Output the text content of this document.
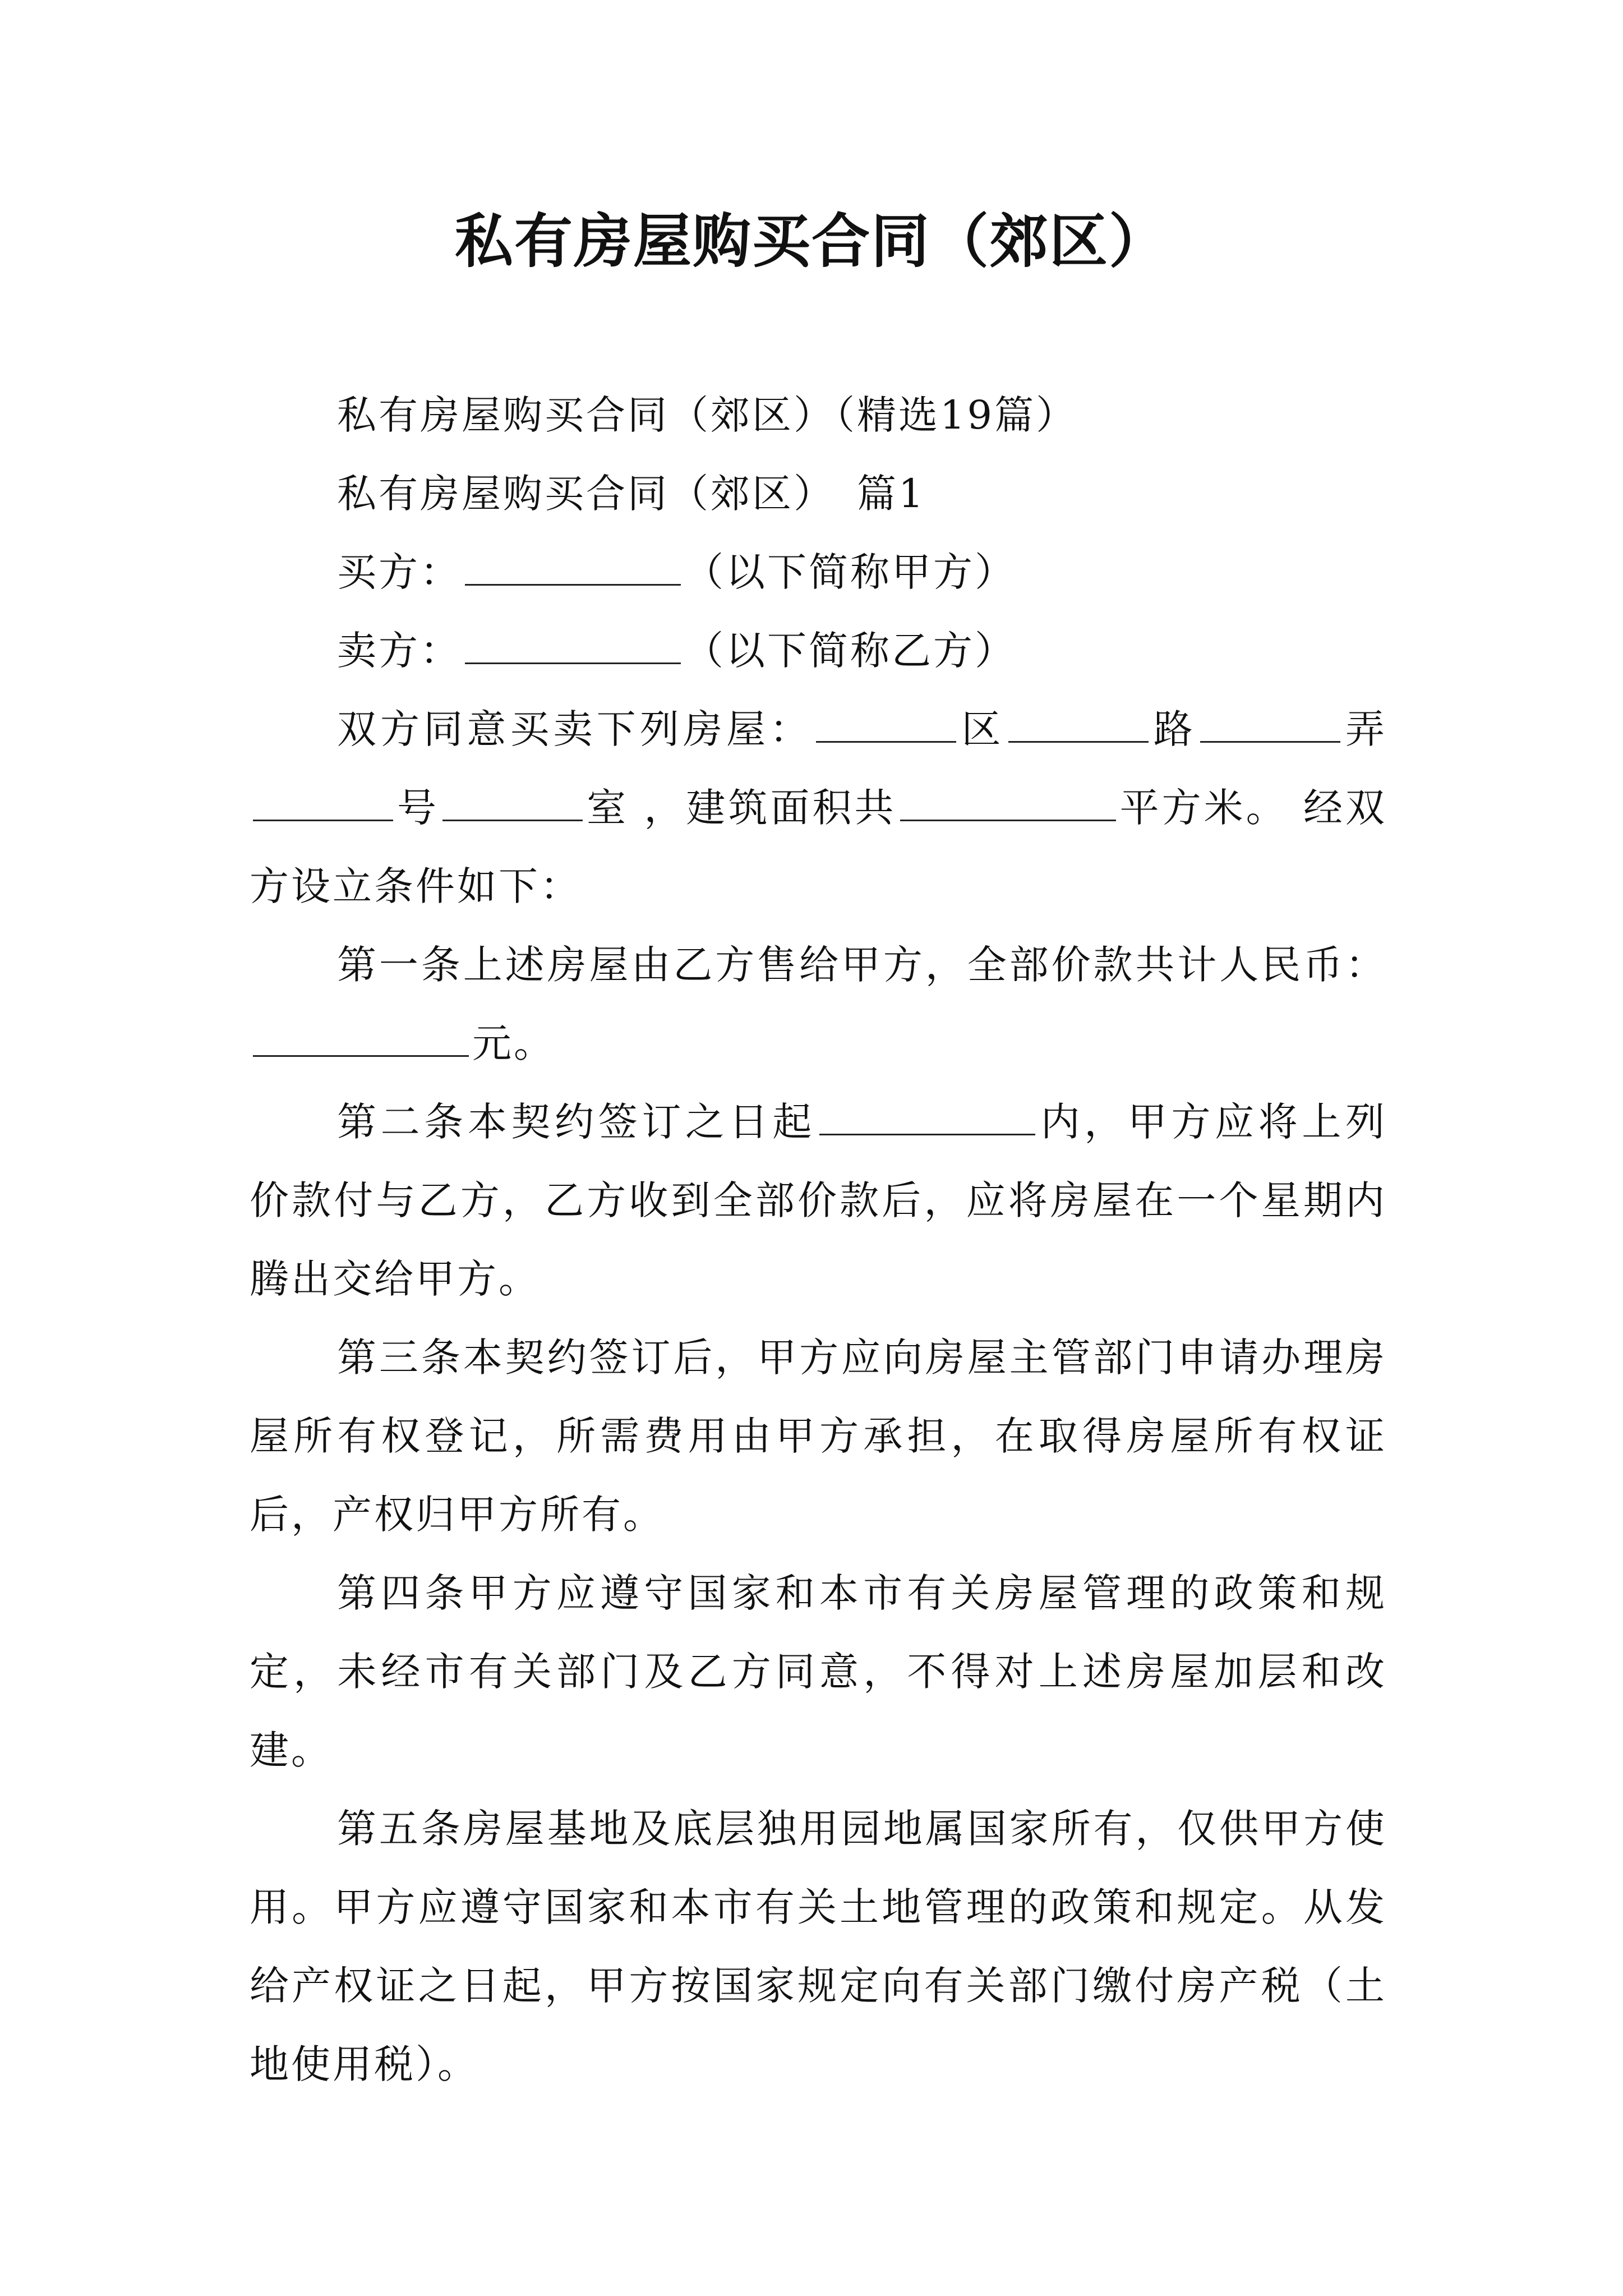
私有房屋购买合同（郊区）

私有房屋购买合同（郊区）（精选19篇）

私有房屋购买合同（郊区）　篇1

买方：	（以下简称甲方）

卖方：	（以下简称乙方）

双方同意买卖下列房屋：	区	路	弄号	室 ，建筑面积共	平方米。 经双方设立条件如下：

第一条上述房屋由乙方售给甲方，全部价款共计人民币：元。

第二条本契约签订之日起	内，甲方应将上列价款付与乙方，乙方收到全部价款后，应将房屋在一个星期内腾出交给甲方。

第三条本契约签订后，甲方应向房屋主管部门申请办理房屋所有权登记，所需费用由甲方承担，在取得房屋所有权证后，产权归甲方所有。

第四条甲方应遵守国家和本市有关房屋管理的政策和规定，未经市有关部门及乙方同意，不得对上述房屋加层和改建。

第五条房屋基地及底层独用园地属国家所有，仅供甲方使用。甲方应遵守国家和本市有关土地管理的政策和规定。从发给产权证之日起，甲方按国家规定向有关部门缴付房产税（土地使用税）。
